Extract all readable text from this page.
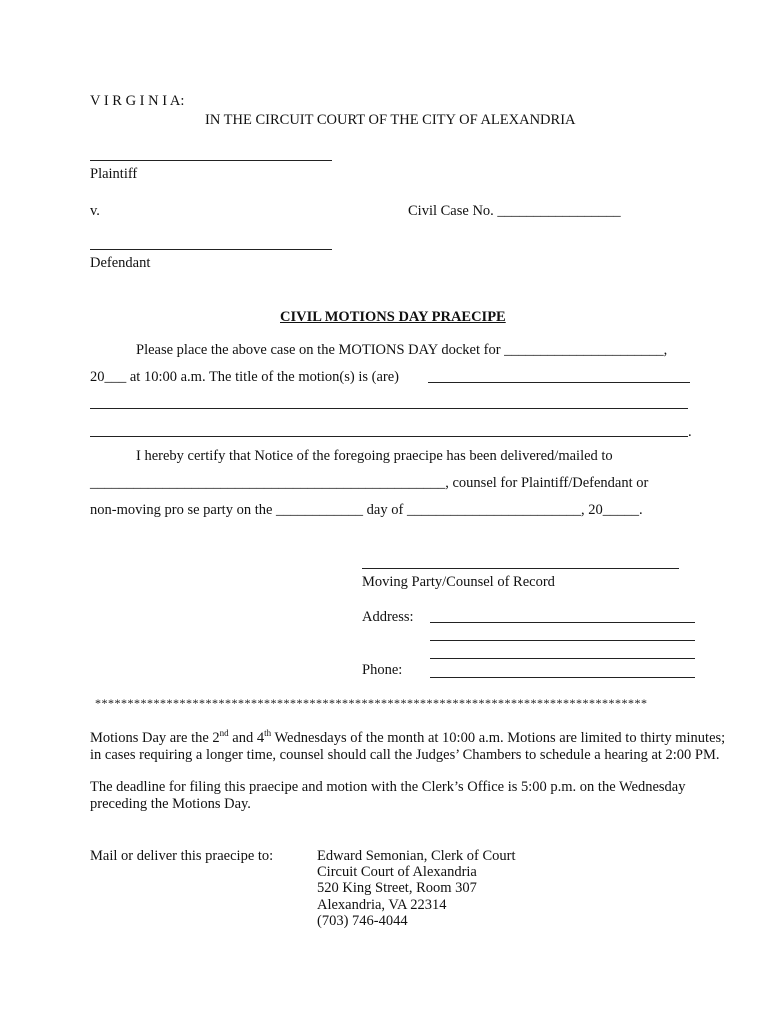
V I R G I N I A:
IN THE CIRCUIT COURT OF THE CITY OF ALEXANDRIA
Plaintiff
v.	Civil Case No. _________________
Defendant
CIVIL MOTIONS DAY PRAECIPE
Please place the above case on the MOTIONS DAY docket for ______________________,
20___ at 10:00 a.m. The title of the motion(s) is (are)
.
I hereby certify that Notice of the foregoing praecipe has been delivered/mailed to
_________________________________________________, counsel for Plaintiff/Defendant or
non-moving pro se party on the ____________ day of ________________________, 20_____.
Moving Party/Counsel of Record
Address:
Phone:
*************************************************************************************
Motions Day are the 2nd and 4th Wednesdays of the month at 10:00 a.m. Motions are limited to thirty minutes;
in cases requiring a longer time, counsel should call the Judges’ Chambers to schedule a hearing at 2:00 PM.
The deadline for filing this praecipe and motion with the Clerk’s Office is 5:00 p.m. on the Wednesday
preceding the Motions Day.
Mail or deliver this praecipe to:	Edward Semonian, Clerk of Court
Circuit Court of Alexandria
520 King Street, Room 307
Alexandria, VA 22314
(703) 746-4044
